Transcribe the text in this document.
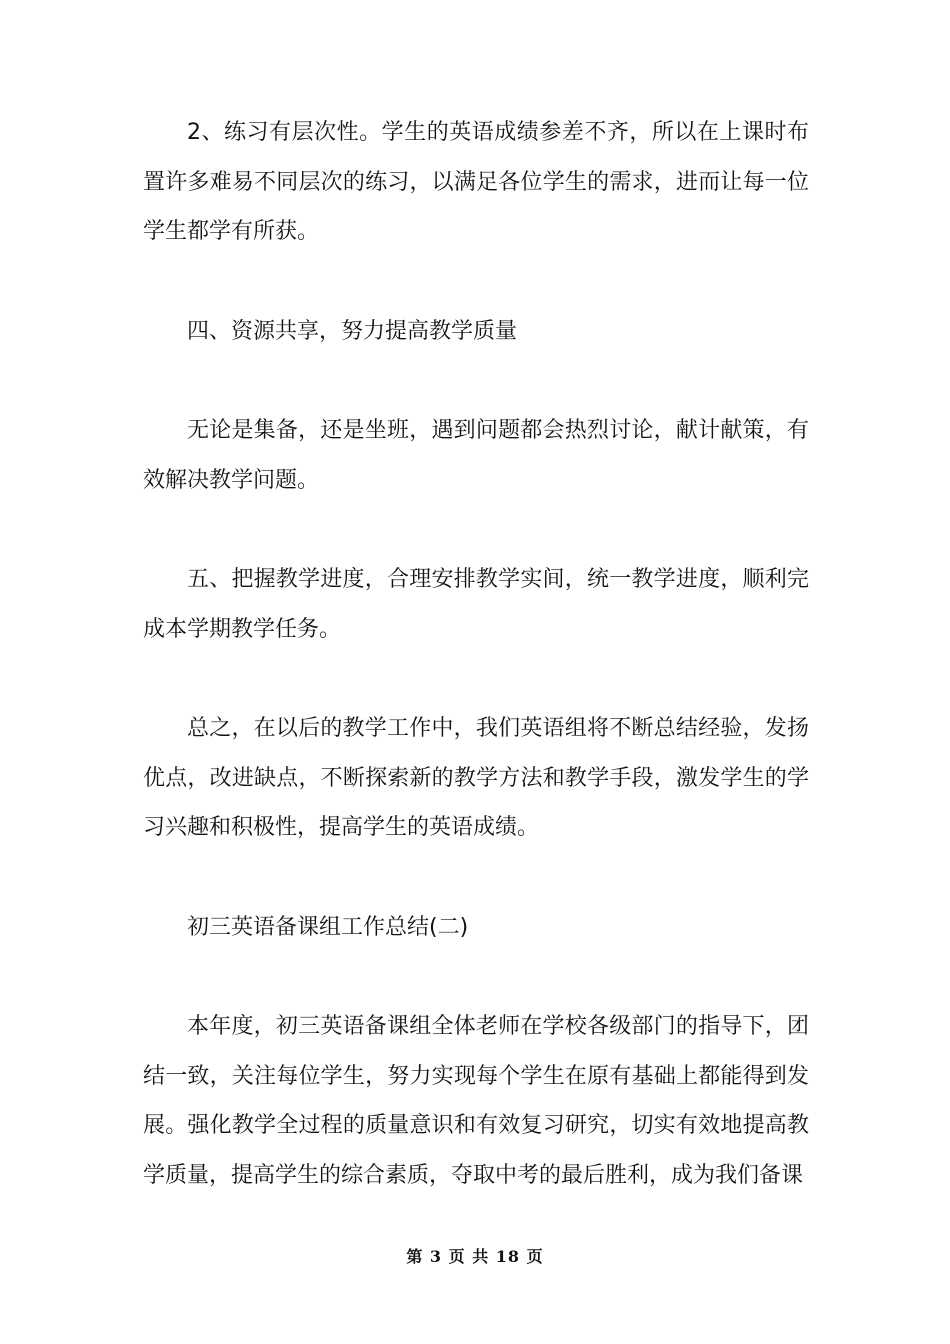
2、练习有层次性。学生的英语成绩参差不齐，所以在上课时布置许多难易不同层次的练习，以满足各位学生的需求，进而让每一位学生都学有所获。

四、资源共享，努力提高教学质量

无论是集备，还是坐班，遇到问题都会热烈讨论，献计献策，有效解决教学问题。

五、把握教学进度，合理安排教学实间，统一教学进度，顺利完成本学期教学任务。

总之，在以后的教学工作中，我们英语组将不断总结经验，发扬优点，改进缺点，不断探索新的教学方法和教学手段，激发学生的学习兴趣和积极性，提高学生的英语成绩。

初三英语备课组工作总结(二)

本年度，初三英语备课组全体老师在学校各级部门的指导下，团结一致，关注每位学生，努力实现每个学生在原有基础上都能得到发展。强化教学全过程的质量意识和有效复习研究，切实有效地提高教学质量，提高学生的综合素质，夺取中考的最后胜利，成为我们备课

第 3 页 共 18 页
